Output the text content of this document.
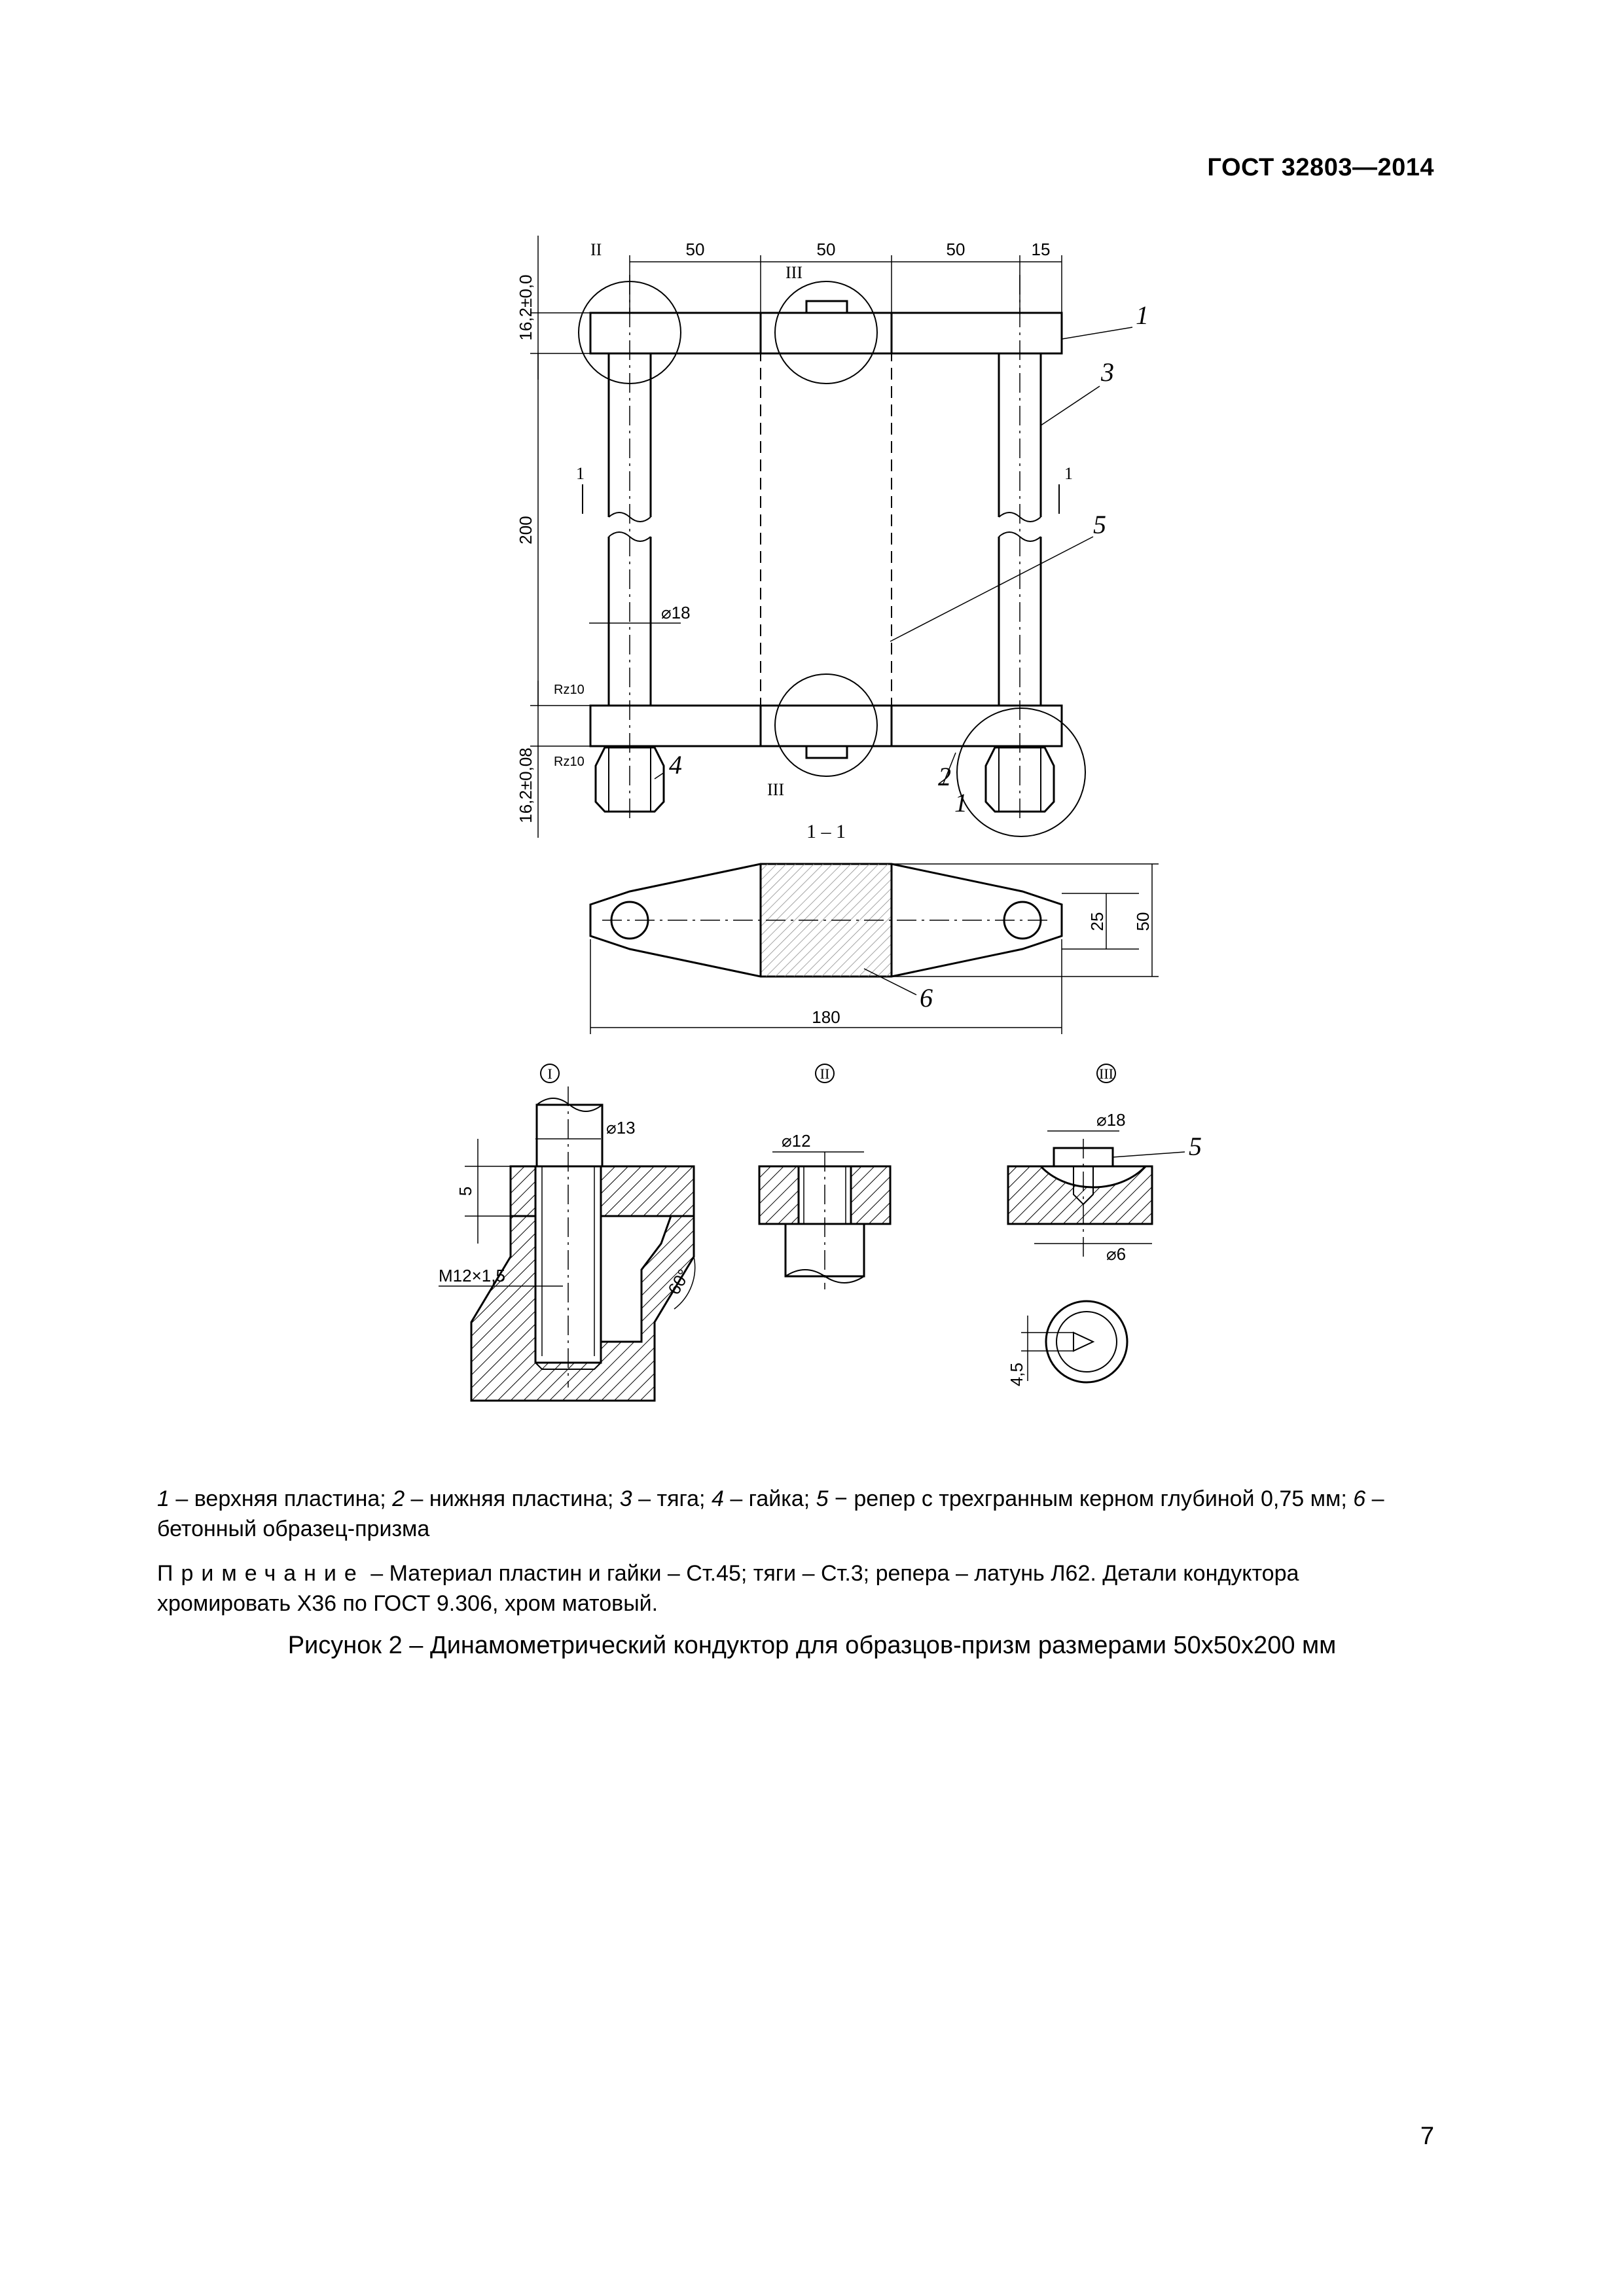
ГОСТ 32803—2014
50	50	50	15
16,2±0,0
200
16,2±0,08
⌀18
Rz10
Rz10
II
III
III
1	1
1
3
5
2
1
4
1 – 1
180
25 50
6
I	II	III
⌀13
5
M12×1,5	60°
⌀12
⌀18
5
⌀6
4,5
1 – верхняя пластина; 2 – нижняя пластина; 3 – тяга; 4 – гайка; 5 − репер с трехгранным керном глубиной 0,75 мм; 6 – бетонный образец-призма
Примечание – Материал пластин и гайки – Ст.45; тяги – Ст.3; репера – латунь Л62. Детали кондуктора хромировать Х36 по ГОСТ 9.306, хром матовый.
Рисунок 2 – Динамометрический кондуктор для образцов-призм размерами 50x50x200 мм
7
